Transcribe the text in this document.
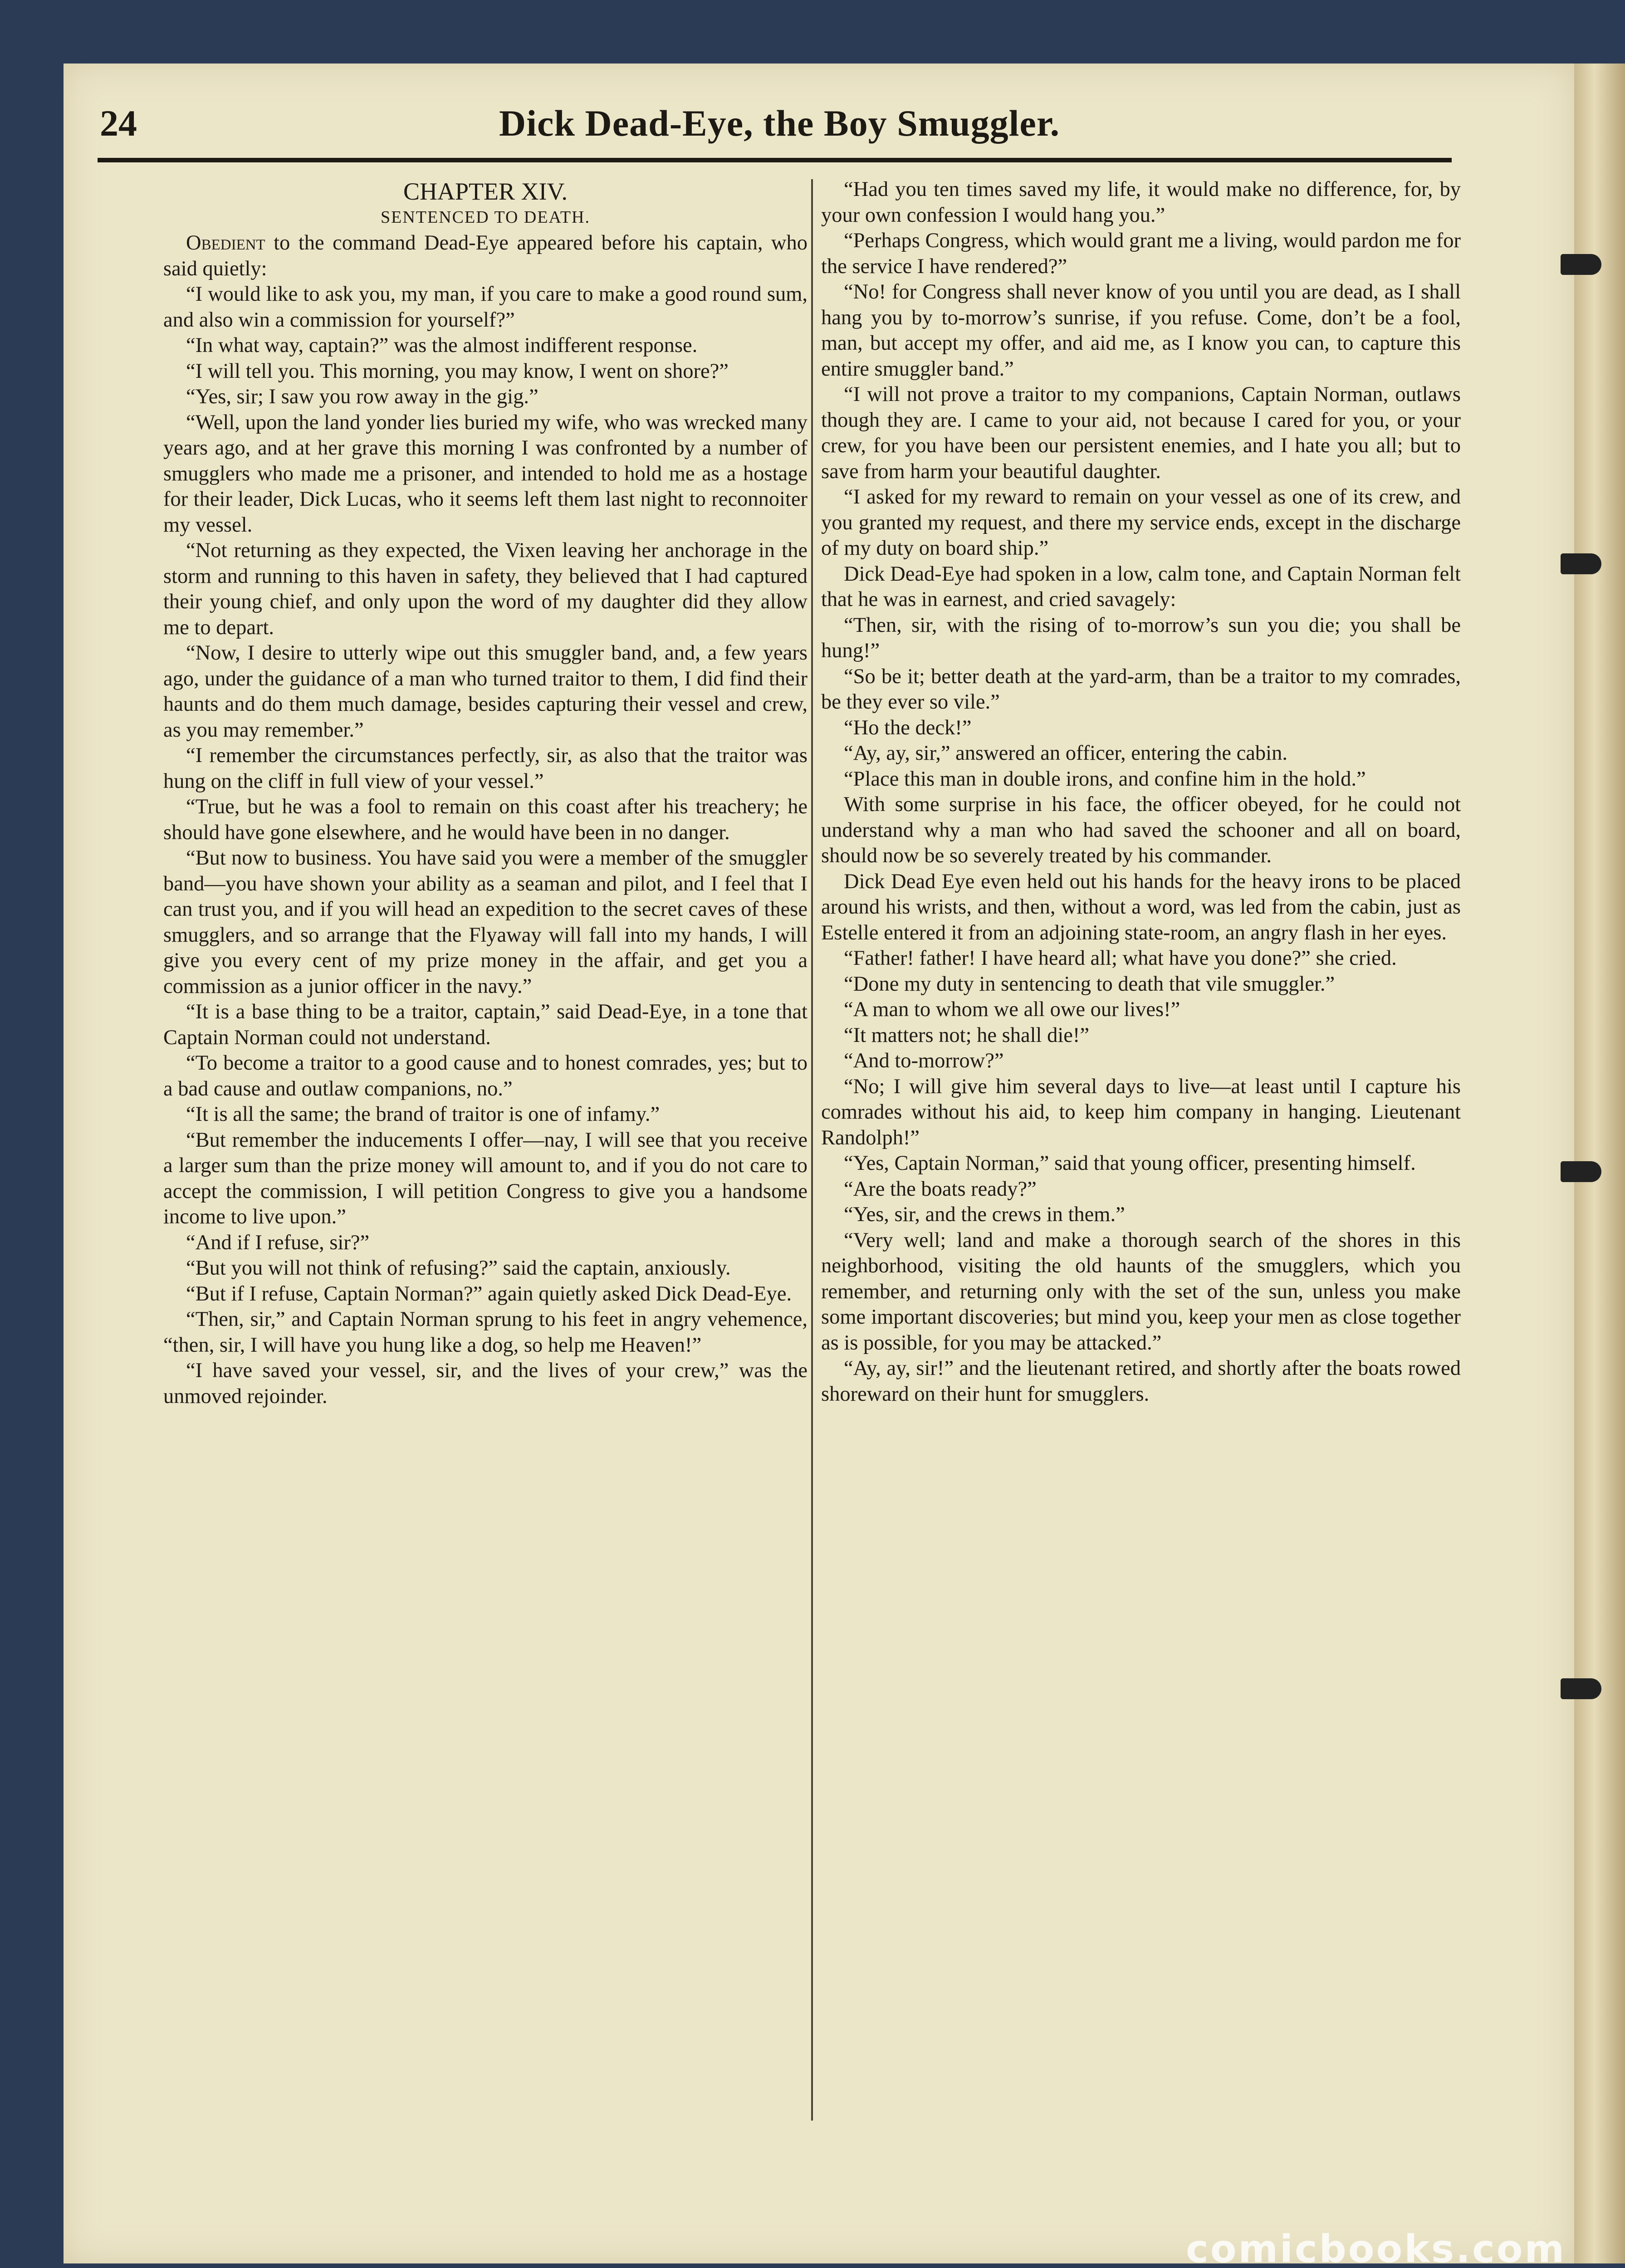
24	Dick Dead-Eye, the Boy Smuggler.

CHAPTER XIV.

SENTENCED TO DEATH.

Obedient to the command Dead-Eye appeared before his captain, who said quietly:

“I would like to ask you, my man, if you care to make a good round sum, and also win a commission for yourself?”

“In what way, captain?” was the almost indifferent response.

“I will tell you. This morning, you may know, I went on shore?”

“Yes, sir; I saw you row away in the gig.”

“Well, upon the land yonder lies buried my wife, who was wrecked many years ago, and at her grave this morning I was confronted by a number of smugglers who made me a prisoner, and intended to hold me as a hostage for their leader, Dick Lucas, who it seems left them last night to reconnoiter my vessel.

“Not returning as they expected, the Vixen leaving her anchorage in the storm and running to this haven in safety, they believed that I had captured their young chief, and only upon the word of my daughter did they allow me to depart.

“Now, I desire to utterly wipe out this smuggler band, and, a few years ago, under the guidance of a man who turned traitor to them, I did find their haunts and do them much damage, besides capturing their vessel and crew, as you may remember.”

“I remember the circumstances perfectly, sir, as also that the traitor was hung on the cliff in full view of your vessel.”

“True, but he was a fool to remain on this coast after his treachery; he should have gone elsewhere, and he would have been in no danger.

“But now to business. You have said you were a member of the smuggler band—you have shown your ability as a seaman and pilot, and I feel that I can trust you, and if you will head an expedition to the secret caves of these smugglers, and so arrange that the Flyaway will fall into my hands, I will give you every cent of my prize money in the affair, and get you a commission as a junior officer in the navy.”

“It is a base thing to be a traitor, captain,” said Dead-Eye, in a tone that Captain Norman could not understand.

“To become a traitor to a good cause and to honest comrades, yes; but to a bad cause and outlaw companions, no.”

“It is all the same; the brand of traitor is one of infamy.”

“But remember the inducements I offer—nay, I will see that you receive a larger sum than the prize money will amount to, and if you do not care to accept the commission, I will petition Congress to give you a handsome income to live upon.”

“And if I refuse, sir?”

“But you will not think of refusing?” said the captain, anxiously.

“But if I refuse, Captain Norman?” again quietly asked Dick Dead-Eye.

“Then, sir,” and Captain Norman sprung to his feet in angry vehemence, “then, sir, I will have you hung like a dog, so help me Heaven!”

“I have saved your vessel, sir, and the lives of your crew,” was the unmoved rejoinder.

“Had you ten times saved my life, it would make no difference, for, by your own confession I would hang you.”

“Perhaps Congress, which would grant me a living, would pardon me for the service I have rendered?”

“No! for Congress shall never know of you until you are dead, as I shall hang you by to-morrow’s sunrise, if you refuse. Come, don’t be a fool, man, but accept my offer, and aid me, as I know you can, to capture this entire smuggler band.”

“I will not prove a traitor to my companions, Captain Norman, outlaws though they are. I came to your aid, not because I cared for you, or your crew, for you have been our persistent enemies, and I hate you all; but to save from harm your beautiful daughter.

“I asked for my reward to remain on your vessel as one of its crew, and you granted my request, and there my service ends, except in the discharge of my duty on board ship.”

Dick Dead-Eye had spoken in a low, calm tone, and Captain Norman felt that he was in earnest, and cried savagely:

“Then, sir, with the rising of to-morrow’s sun you die; you shall be hung!”

“So be it; better death at the yard-arm, than be a traitor to my comrades, be they ever so vile.”

“Ho the deck!”

“Ay, ay, sir,” answered an officer, entering the cabin.

“Place this man in double irons, and confine him in the hold.”

With some surprise in his face, the officer obeyed, for he could not understand why a man who had saved the schooner and all on board, should now be so severely treated by his commander.

Dick Dead Eye even held out his hands for the heavy irons to be placed around his wrists, and then, without a word, was led from the cabin, just as Estelle entered it from an adjoining state-room, an angry flash in her eyes.

“Father! father! I have heard all; what have you done?” she cried.

“Done my duty in sentencing to death that vile smuggler.”

“A man to whom we all owe our lives!”

“It matters not; he shall die!”

“And to-morrow?”

“No; I will give him several days to live—at least until I capture his comrades without his aid, to keep him company in hanging. Lieutenant Randolph!”

“Yes, Captain Norman,” said that young officer, presenting himself.

“Are the boats ready?”

“Yes, sir, and the crews in them.”

“Very well; land and make a thorough search of the shores in this neighborhood, visiting the old haunts of the smugglers, which you remember, and returning only with the set of the sun, unless you make some important discoveries; but mind you, keep your men as close together as is possible, for you may be attacked.”

“Ay, ay, sir!” and the lieutenant retired, and shortly after the boats rowed shoreward on their hunt for smugglers.

comicbooks.com
